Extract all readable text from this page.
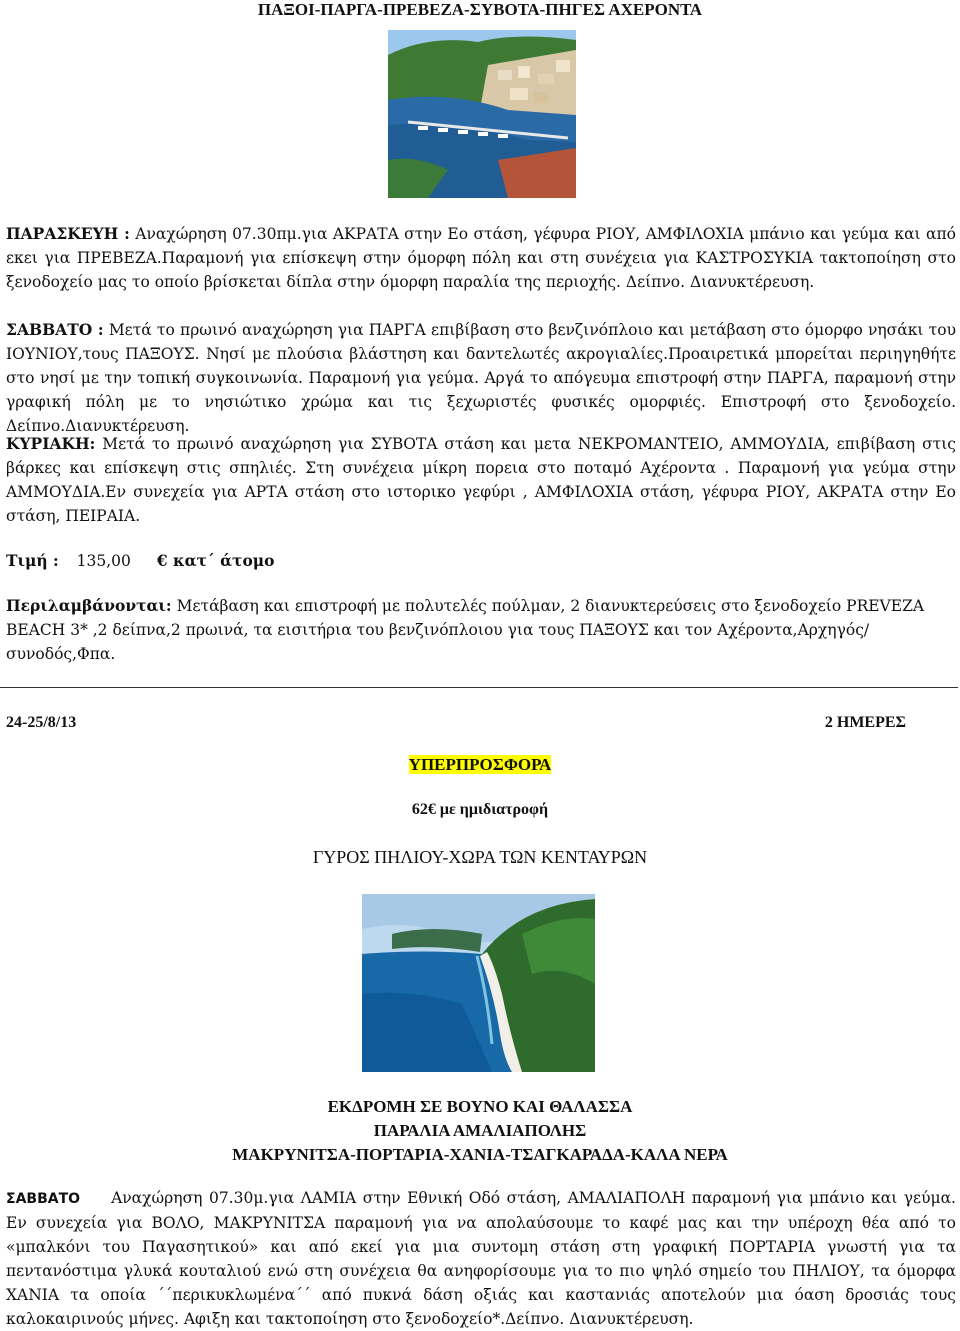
ΠΑΞΟΙ-ΠΑΡΓΑ-ΠΡΕΒΕΖΑ-ΣΥΒΟΤΑ-ΠΗΓΕΣ ΑΧΕΡΟΝΤΑ
ΠΑΡΑΣΚΕΥΗ : Αναχώρηση 07.30πμ.για ΑΚΡΑΤΑ στην Εο στάση, γέφυρα ΡΙΟΥ, ΑΜΦΙΛΟΧΙΑ μπάνιο και γεύμα και από εκει για ΠΡΕΒΕΖΑ.Παραμονή για επίσκεψη στην όμορφη πόλη και στη συνέχεια για ΚΑΣΤΡΟΣΥΚΙΑ τακτοποίηση στο ξενοδοχείο μας το οποίο βρίσκεται δίπλα στην όμορφη παραλία της περιοχής. Δείπνο. Διανυκτέρευση.
ΣΑΒΒΑΤΟ : Μετά το πρωινό αναχώρηση για ΠΑΡΓΑ επιβίβαση στο βενζινόπλοιο και μετάβαση στο όμορφο νησάκι του ΙΟΥΝΙΟΥ,τους ΠΑΞΟΥΣ. Νησί με πλούσια βλάστηση και δαντελωτές ακρογιαλίες.Προαιρετικά μπορείται περιηγηθήτε στο νησί με την τοπική συγκοινωνία. Παραμονή για γεύμα. Αργά το απόγευμα επιστροφή στην ΠΑΡΓΑ, παραμονή στην γραφική πόλη με το νησιώτικο χρώμα και τις ξεχωριστές φυσικές ομορφιές. Επιστροφή στο ξενοδοχείο. Δείπνο.Διανυκτέρευση.
ΚΥΡΙΑΚΗ: Μετά το πρωινό αναχώρηση για ΣΥΒΟΤΑ στάση και μετα ΝΕΚΡΟΜΑΝΤΕΙΟ, ΑΜΜΟΥΔΙΑ, επιβίβαση στις βάρκες και επίσκεψη στις σπηλιές. Στη συνέχεια μίκρη πορεια στο ποταμό Αχέροντα . Παραμονή για γεύμα στην ΑΜΜΟΥΔΙΑ.Εν συνεχεία για ΑΡΤΑ στάση στο ιστορικο γεφύρι , ΑΜΦΙΛΟΧΙΑ στάση, γέφυρα ΡΙΟΥ, ΑΚΡΑΤΑ στην Εο στάση, ΠΕΙΡΑΙΑ.
Τιμή : 135,00 € κατ΄ άτομο
Περιλαμβάνονται: Μετάβαση και επιστροφή με πολυτελές πούλμαν, 2 διανυκτερεύσεις στο ξενοδοχείο PREVEZA BEACH 3* ,2 δείπνα,2 πρωινά, τα εισιτήρια του βενζινόπλοιου για τους ΠΑΞΟΥΣ και τον Αχέροντα,Αρχηγός/συνοδός,Φπα.
24-25/8/13	2 ΗΜΕΡΕΣ
ΥΠΕΡΠΡΟΣΦΟΡΑ
62€ με ημιδιατροφή
ΓΥΡΟΣ ΠΗΛΙΟΥ-ΧΩΡΑ ΤΩΝ ΚΕΝΤΑΥΡΩΝ
ΕΚΔΡΟΜΗ ΣΕ ΒΟΥΝΟ ΚΑΙ ΘΑΛΑΣΣΑ
ΠΑΡΑΛΙΑ ΑΜΑΛΙΑΠΟΛΗΣ
ΜΑΚΡΥΝΙΤΣΑ-ΠΟΡΤΑΡΙΑ-ΧΑΝΙΑ-ΤΣΑΓΚΑΡΑΔΑ-ΚΑΛΑ ΝΕΡΑ
ΣΑΒΒΑΤΟ Αναχώρηση 07.30μ.για ΛΑΜΙΑ στην Εθνική Οδό στάση, ΑΜΑΛΙΑΠΟΛΗ παραμονή για μπάνιο και γεύμα. Εν συνεχεία για ΒΟΛΟ, ΜΑΚΡΥΝΙΤΣΑ παραμονή για να απολαύσουμε το καφέ μας και την υπέροχη θέα από το «μπαλκόνι του Παγασητικού» και από εκεί για μια συντομη στάση στη γραφική ΠΟΡΤΑΡΙΑ γνωστή για τα πεντανόστιμα γλυκά κουταλιού ενώ στη συνέχεια θα ανηφορίσουμε για το πιο ψηλό σημείο του ΠΗΛΙΟΥ, τα όμορφα ΧΑΝΙΑ τα οποία ΄΄περικυκλωμένα΄΄ από πυκνά δάση οξιάς και καστανιάς αποτελούν μια όαση δροσιάς τους καλοκαιρινούς μήνες. Αφιξη και τακτοποίηση στο ξενοδοχείο*.Δείπνο. Διανυκτέρευση.
